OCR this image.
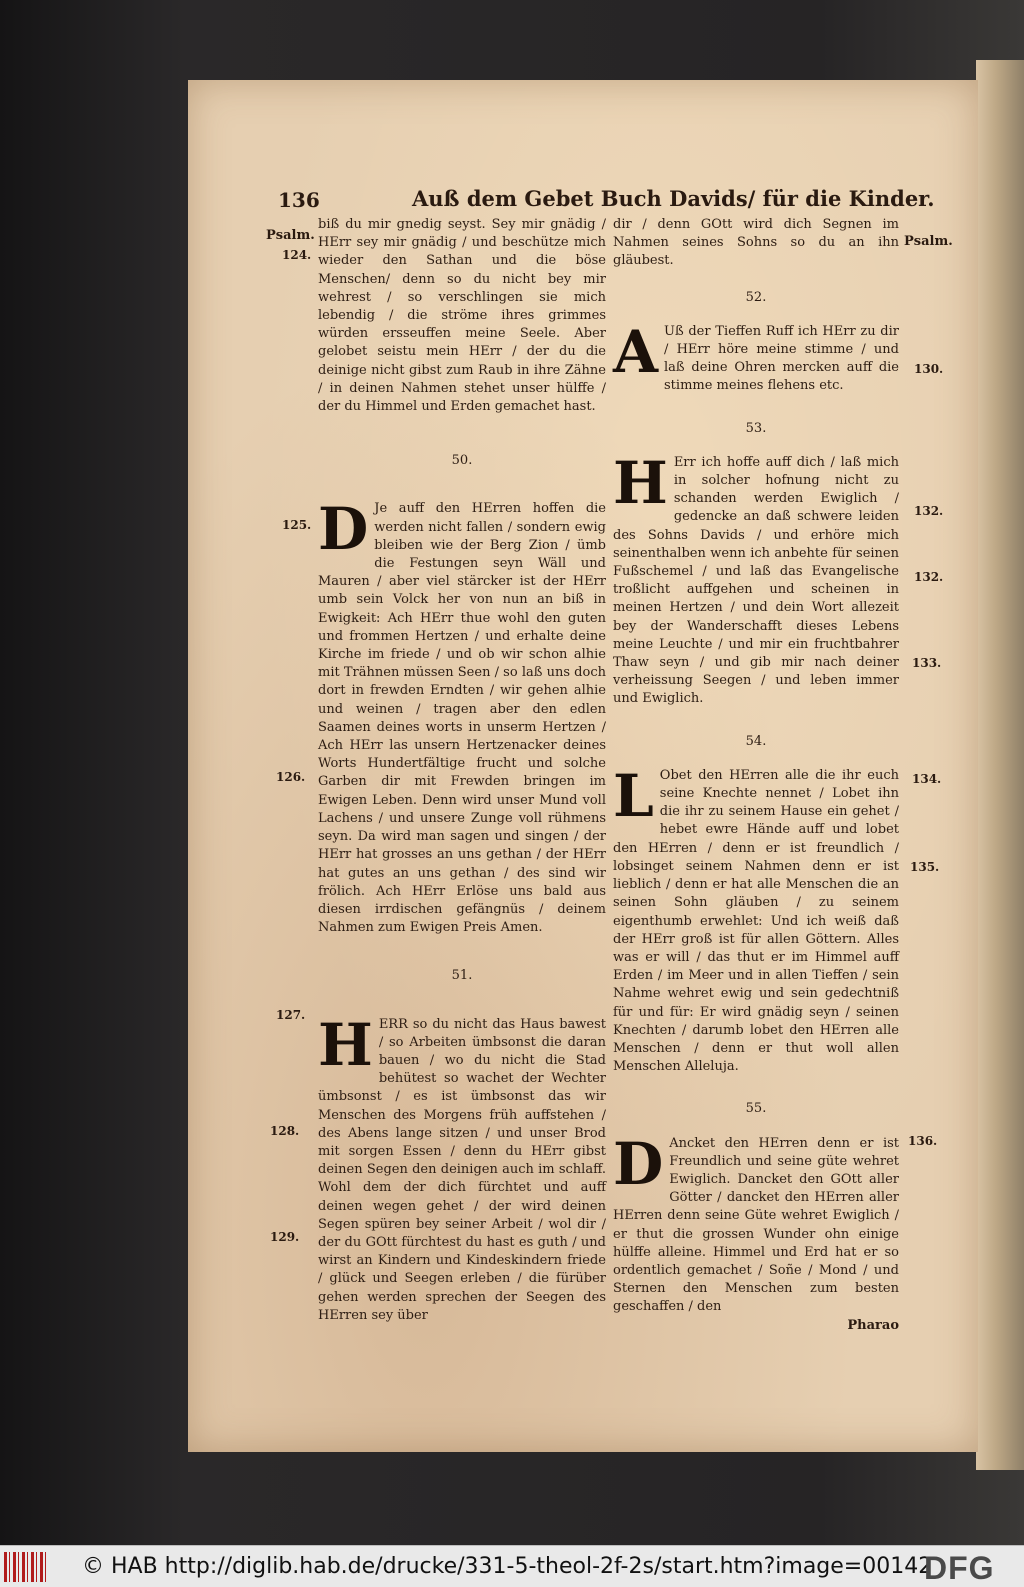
136	Auß dem Gebet Buch Davids/ für die Kinder.
Psalm.
124.
125.
126.
127.
128.
129.
Psalm.
130.
132.
132.
133.
134.
135.
136.

biß du mir gnedig seyst. Sey mir gnädig / HErr sey mir gnädig / und beschütze mich wieder den Sathan und die böse Menschen/ denn so du nicht bey mir wehrest / so verschlingen sie mich lebendig / die ströme ihres grimmes würden ersseuffen meine Seele. Aber gelobet seistu mein HErr / der du die deinige nicht gibst zum Raub in ihre Zähne / in deinen Nahmen stehet unser hülffe / der du Himmel und Erden gemachet hast.

50.

D Je auff den HErren hoffen die werden nicht fallen / sondern ewig bleiben wie der Berg Zion / ümb die Festungen seyn Wäll und Mauren / aber viel stärcker ist der HErr umb sein Volck her von nun an biß in Ewigkeit: Ach HErr thue wohl den guten und frommen Hertzen / und erhalte deine Kirche im friede / und ob wir schon alhie mit Trähnen müssen Seen / so laß uns doch dort in frewden Erndten / wir gehen alhie und weinen / tragen aber den edlen Saamen deines worts in unserm Hertzen / Ach HErr las unsern Hertzenacker deines Worts Hundertfältige frucht und solche Garben dir mit Frewden bringen im Ewigen Leben. Denn wird unser Mund voll Lachens / und unsere Zunge voll rühmens seyn. Da wird man sagen und singen / der HErr hat grosses an uns gethan / der HErr hat gutes an uns gethan / des sind wir frölich. Ach HErr Erlöse uns bald aus diesen irrdischen gefängnüs / deinem Nahmen zum Ewigen Preis Amen.

51.

H ERR so du nicht das Haus bawest / so Arbeiten ümbsonst die daran bauen / wo du nicht die Stad behütest so wachet der Wechter ümbsonst / es ist ümbsonst das wir Menschen des Morgens früh auffstehen / des Abens lange sitzen / und unser Brod mit sorgen Essen / denn du HErr gibst deinen Segen den deinigen auch im schlaff. Wohl dem der dich fürchtet und auff deinen wegen gehet / der wird deinen Segen spüren bey seiner Arbeit / wol dir / der du GOtt fürchtest du hast es guth / und wirst an Kindern und Kindeskindern friede / glück und Seegen erleben / die fürüber gehen werden sprechen der Seegen des HErren sey über

dir / denn GOtt wird dich Segnen im Nahmen seines Sohns so du an ihn gläubest.

52.

A Uß der Tieffen Ruff ich HErr zu dir / HErr höre meine stimme / und laß deine Ohren mercken auff die stimme meines flehens etc.

53.

H Err ich hoffe auff dich / laß mich in solcher hofnung nicht zu schanden werden Ewiglich / gedencke an daß schwere leiden des Sohns Davids / und erhöre mich seinenthalben wenn ich anbehte für seinen Fußschemel / und laß das Evangelische troßlicht auffgehen und scheinen in meinen Hertzen / und dein Wort allezeit bey der Wanderschafft dieses Lebens meine Leuchte / und mir ein fruchtbahrer Thaw seyn / und gib mir nach deiner verheissung Seegen / und leben immer und Ewiglich.

54.

L Obet den HErren alle die ihr euch seine Knechte nennet / Lobet ihn die ihr zu seinem Hause ein gehet / hebet ewre Hände auff und lobet den HErren / denn er ist freundlich / lobsinget seinem Nahmen denn er ist lieblich / denn er hat alle Menschen die an seinen Sohn gläuben / zu seinem eigenthumb erwehlet: Und ich weiß daß der HErr groß ist für allen Göttern. Alles was er will / das thut er im Himmel auff Erden / im Meer und in allen Tieffen / sein Nahme wehret ewig und sein gedechtniß für und für: Er wird gnädig seyn / seinen Knechten / darumb lobet den HErren alle Menschen / denn er thut woll allen Menschen Alleluja.

55.

D Ancket den HErren denn er ist Freundlich und seine güte wehret Ewiglich. Dancket den GOtt aller Götter / dancket den HErren aller HErren denn seine Güte wehret Ewiglich / er thut die grossen Wunder ohn einige hülffe alleine. Himmel und Erd hat er so ordentlich gemachet / Soñe / Mond / und Sternen den Menschen zum besten geschaffen / den

Pharao

© HAB http://diglib.hab.de/drucke/331-5-theol-2f-2s/start.htm?image=00142
DFG
